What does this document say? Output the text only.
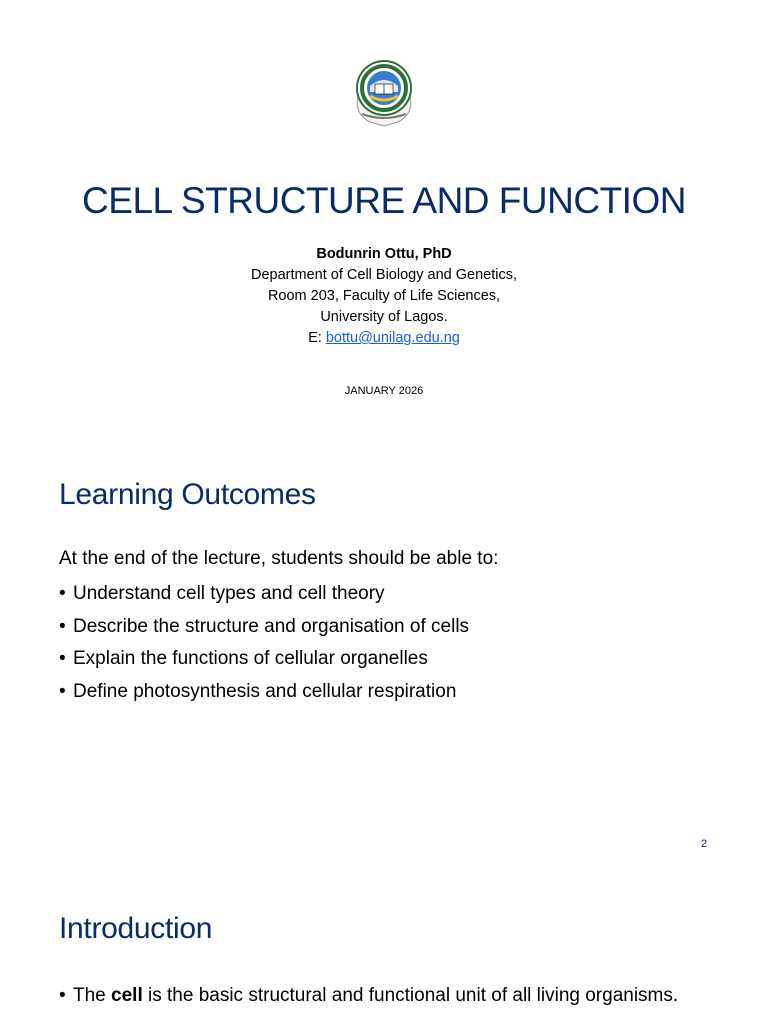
CELL STRUCTURE AND FUNCTION
Bodunrin Ottu, PhD
Department of Cell Biology and Genetics,
Room 203, Faculty of Life Sciences,
University of Lagos.
E: bottu@unilag.edu.ng
JANUARY 2026
Learning Outcomes

At the end of the lecture, students should be able to:

• Understand cell types and cell theory
• Describe the structure and organisation of cells
• Explain the functions of cellular organelles
• Define photosynthesis and cellular respiration
2
Introduction
• The cell is the basic structural and functional unit of all living organisms.
